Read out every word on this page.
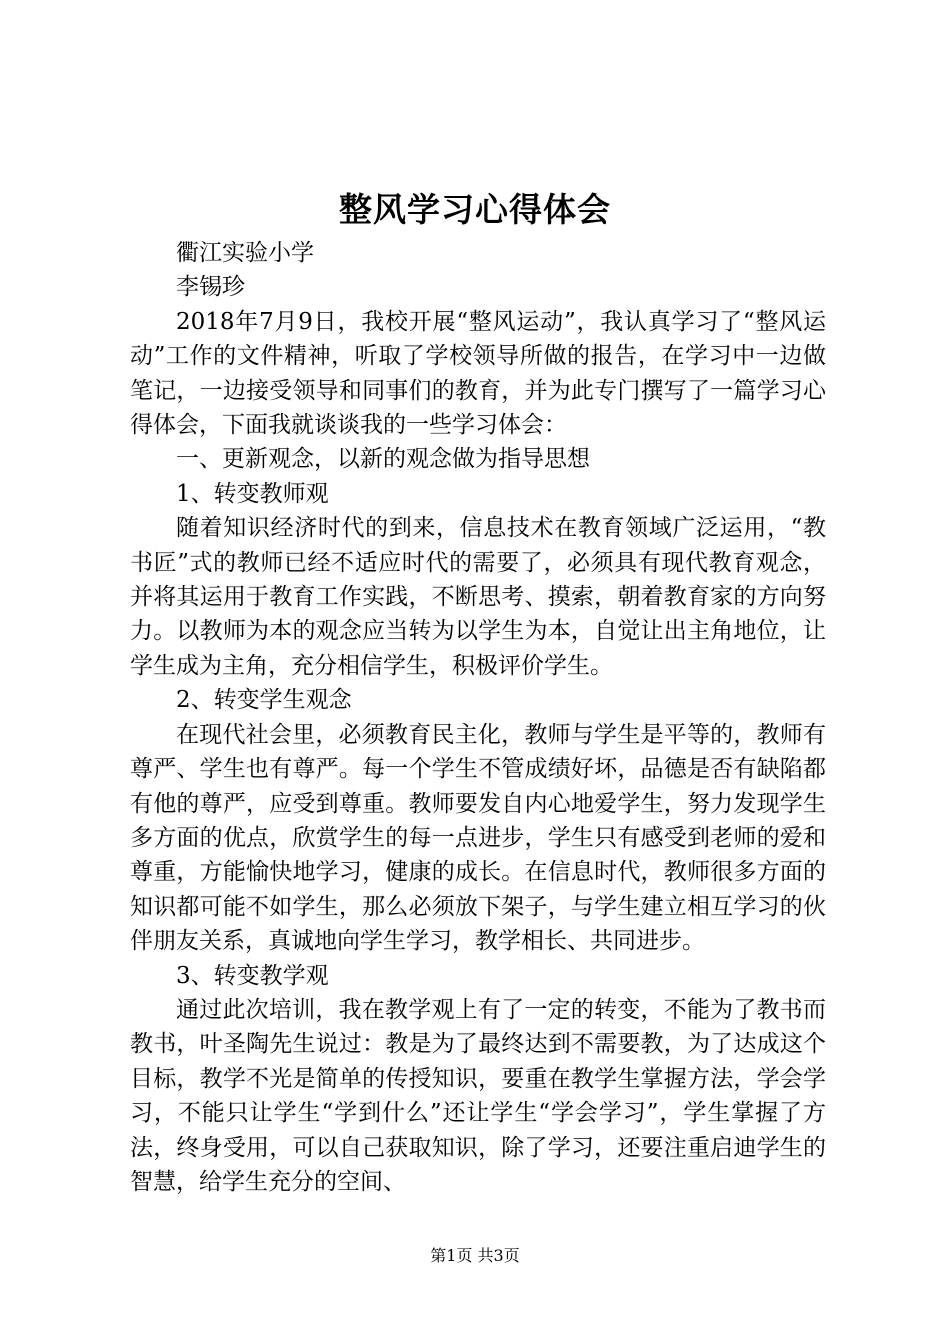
整风学习心得体会

衢江实验小学

李锡珍

2018年7月9日，我校开展“整风运动”，我认真学习了“整风运动”工作的文件精神，听取了学校领导所做的报告，在学习中一边做笔记，一边接受领导和同事们的教育，并为此专门撰写了一篇学习心得体会，下面我就谈谈我的一些学习体会：

一、更新观念，以新的观念做为指导思想

1、转变教师观

随着知识经济时代的到来，信息技术在教育领域广泛运用，“教书匠”式的教师已经不适应时代的需要了，必须具有现代教育观念，并将其运用于教育工作实践，不断思考、摸索，朝着教育家的方向努力。以教师为本的观念应当转为以学生为本，自觉让出主角地位，让学生成为主角，充分相信学生，积极评价学生。

2、转变学生观念

在现代社会里，必须教育民主化，教师与学生是平等的，教师有尊严、学生也有尊严。每一个学生不管成绩好坏，品德是否有缺陷都有他的尊严，应受到尊重。教师要发自内心地爱学生，努力发现学生多方面的优点，欣赏学生的每一点进步，学生只有感受到老师的爱和尊重，方能愉快地学习，健康的成长。在信息时代，教师很多方面的知识都可能不如学生，那么必须放下架子，与学生建立相互学习的伙伴朋友关系，真诚地向学生学习，教学相长、共同进步。

3、转变教学观

通过此次培训，我在教学观上有了一定的转变，不能为了教书而教书，叶圣陶先生说过：教是为了最终达到不需要教，为了达成这个目标，教学不光是简单的传授知识，要重在教学生掌握方法，学会学习，不能只让学生“学到什么”还让学生“学会学习”，学生掌握了方法，终身受用，可以自己获取知识，除了学习，还要注重启迪学生的智慧，给学生充分的空间、

第1页 共3页
